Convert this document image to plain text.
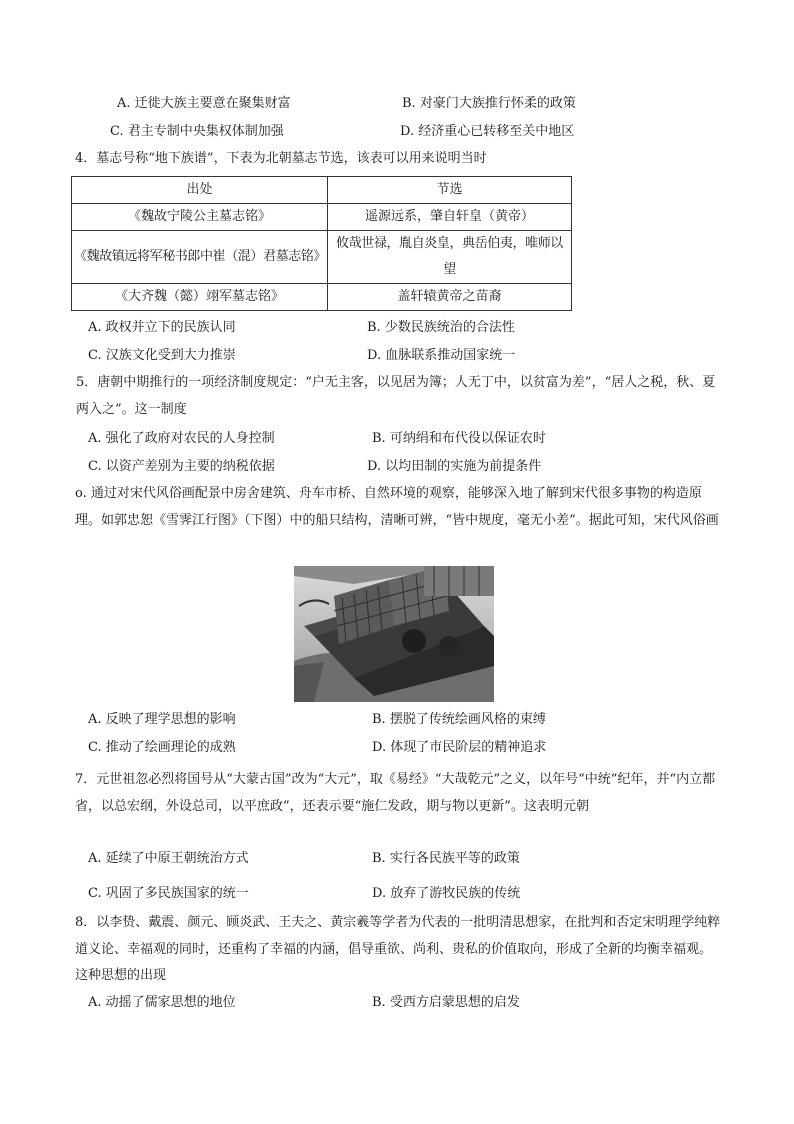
A. 迁徙大族主要意在聚集财富	B. 对豪门大族推行怀柔的政策
C. 君主专制中央集权体制加强	D. 经济重心已转移至关中地区
4．墓志号称“地下族谱”，下表为北朝墓志节选，该表可以用来说明当时
出处	节选
《魏故宁陵公主墓志铭》	遥源远系，肇自轩皇（黄帝）
《魏故镇远将军秘书郎中崔（混）君墓志铭》	攸哉世禄，胤自炎皇，典岳伯夷，唯师以望
《大齐魏（懿）翊军墓志铭》	盖轩辕黄帝之苗裔
A. 政权并立下的民族认同	B. 少数民族统治的合法性
C. 汉族文化受到大力推崇	D. 血脉联系推动国家统一
5．唐朝中期推行的一项经济制度规定：“户无主客，以见居为簿；人无丁中，以贫富为差”，“居人之税，秋、夏两入之”。这一制度
A. 强化了政府对农民的人身控制	B. 可纳绢和布代役以保证农时
C. 以资产差别为主要的纳税依据	D. 以均田制的实施为前提条件
o. 通过对宋代风俗画配景中房舍建筑、舟车市桥、自然环境的观察，能够深入地了解到宋代很多事物的构造原理。如郭忠恕《雪霁江行图》（下图）中的船只结构，清晰可辨，“皆中规度，毫无小差”。据此可知，宋代风俗画
A. 反映了理学思想的影响	B. 摆脱了传统绘画风格的束缚
C. 推动了绘画理论的成熟	D. 体现了市民阶层的精神追求
7．元世祖忽必烈将国号从“大蒙古国”改为“大元”，取《易经》“大哉乾元”之义，以年号“中统”纪年，并“内立都省，以总宏纲，外设总司，以平庶政”，还表示要“施仁发政，期与物以更新”。这表明元朝
A. 延续了中原王朝统治方式	B. 实行各民族平等的政策
C. 巩固了多民族国家的统一	D. 放弃了游牧民族的传统
8．以李贽、戴震、颜元、顾炎武、王夫之、黄宗羲等学者为代表的一批明清思想家，在批判和否定宋明理学纯粹道义论、幸福观的同时，还重构了幸福的内涵，倡导重欲、尚利、贵私的价值取向，形成了全新的均衡幸福观。这种思想的出现
A. 动摇了儒家思想的地位	B. 受西方启蒙思想的启发
